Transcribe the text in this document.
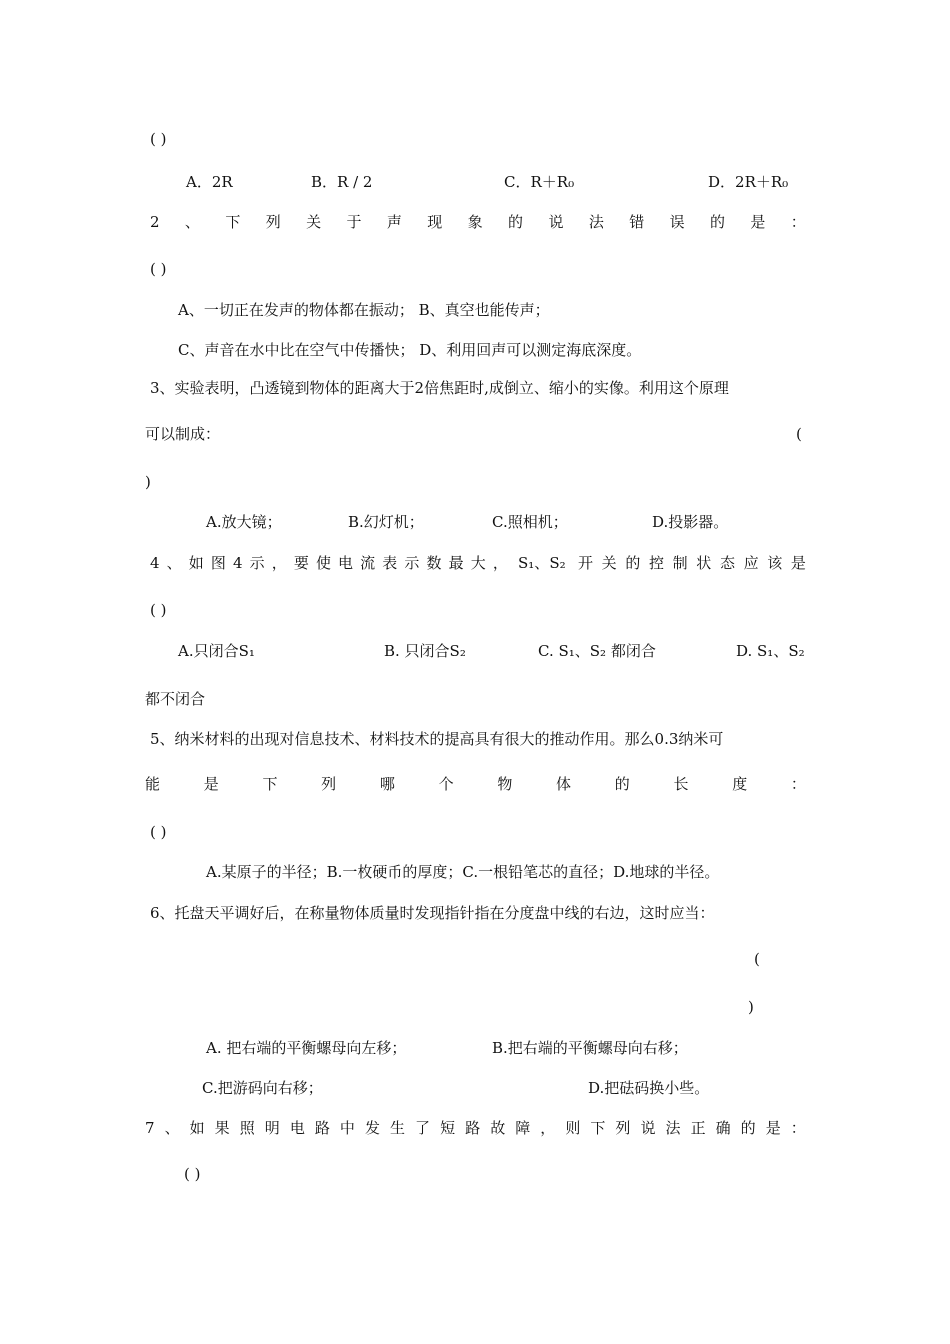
( )
A．2R	B．R / 2	C．R＋R₀	D．2R＋R₀
2 、 下 列 关 于 声 现 象 的 说 法 错 误 的 是 ：
( )
A、一切正在发声的物体都在振动； B、真空也能传声；
C、声音在水中比在空气中传播快； D、利用回声可以测定海底深度。
3、实验表明，凸透镜到物体的距离大于2倍焦距时,成倒立、缩小的实像。利用这个原理
可以制成：	(
)
A.放大镜；	B.幻灯机；	C.照相机；	D.投影器。
4 、 如 图 4 示 ， 要 使 电 流 表 示 数 最 大 ， S₁、S₂ 开 关 的 控 制 状 态 应 该 是
( )
A.只闭合S₁	B. 只闭合S₂	C. S₁、S₂ 都闭合	D. S₁、S₂
都不闭合
5、纳米材料的出现对信息技术、材料技术的提高具有很大的推动作用。那么0.3纳米可
能	是	下	列	哪	个	物	体	的	长	度	：
( )
A.某原子的半径；B.一枚硬币的厚度；C.一根铅笔芯的直径；D.地球的半径。
6、托盘天平调好后，在称量物体质量时发现指针指在分度盘中线的右边，这时应当：
(
)
A. 把右端的平衡螺母向左移；	B.把右端的平衡螺母向右移；
C.把游码向右移；	D.把砝码换小些。
7 、 如 果 照 明 电 路 中 发 生 了 短 路 故 障 ， 则 下 列 说 法 正 确 的 是 ：
( )
